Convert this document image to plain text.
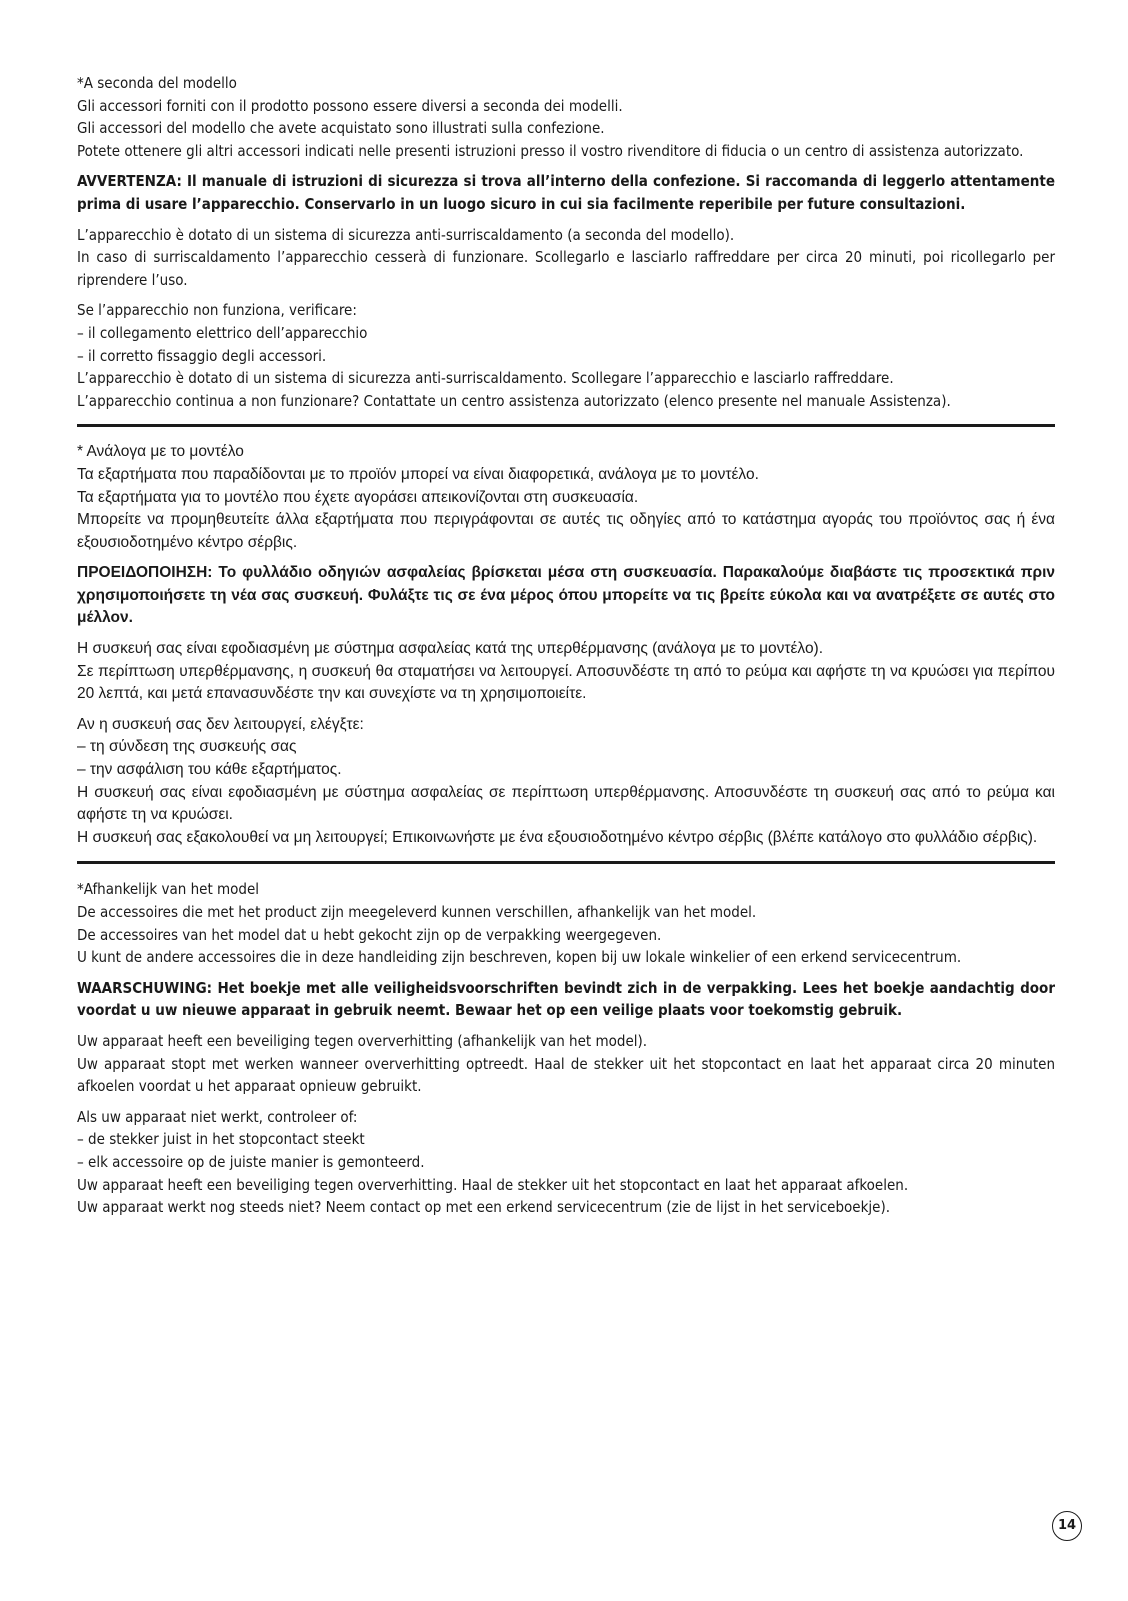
*A seconda del modello
Gli accessori forniti con il prodotto possono essere diversi a seconda dei modelli.
Gli accessori del modello che avete acquistato sono illustrati sulla confezione.
Potete ottenere gli altri accessori indicati nelle presenti istruzioni presso il vostro rivenditore di fiducia o un centro di assistenza autorizzato.
AVVERTENZA: Il manuale di istruzioni di sicurezza si trova all’interno della confezione. Si raccomanda di leggerlo attentamente prima di usare l’apparecchio. Conservarlo in un luogo sicuro in cui sia facilmente reperibile per future consultazioni.
L’apparecchio è dotato di un sistema di sicurezza anti-surriscaldamento (a seconda del modello).
In caso di surriscaldamento l’apparecchio cesserà di funzionare. Scollegarlo e lasciarlo raffreddare per circa 20 minuti, poi ricollegarlo per riprendere l’uso.
Se l’apparecchio non funziona, verificare:
– il collegamento elettrico dell’apparecchio
– il corretto fissaggio degli accessori.
L’apparecchio è dotato di un sistema di sicurezza anti-surriscaldamento. Scollegare l’apparecchio e lasciarlo raffreddare.
L’apparecchio continua a non funzionare? Contattate un centro assistenza autorizzato (elenco presente nel manuale Assistenza).
* Ανάλογα με το μοντέλο
Τα εξαρτήματα που παραδίδονται με το προϊόν μπορεί να είναι διαφορετικά, ανάλογα με το μοντέλο.
Τα εξαρτήματα για το μοντέλο που έχετε αγοράσει απεικονίζονται στη συσκευασία.
Μπορείτε να προμηθευτείτε άλλα εξαρτήματα που περιγράφονται σε αυτές τις οδηγίες από το κατάστημα αγοράς του προϊόντος σας ή ένα εξουσιοδοτημένο κέντρο σέρβις.
ΠΡΟΕΙΔΟΠΟΙΗΣΗ: Το φυλλάδιο οδηγιών ασφαλείας βρίσκεται μέσα στη συσκευασία. Παρακαλούμε διαβάστε τις προσεκτικά πριν χρησιμοποιήσετε τη νέα σας συσκευή. Φυλάξτε τις σε ένα μέρος όπου μπορείτε να τις βρείτε εύκολα και να ανατρέξετε σε αυτές στο μέλλον.
Η συσκευή σας είναι εφοδιασμένη με σύστημα ασφαλείας κατά της υπερθέρμανσης (ανάλογα με το μοντέλο).
Σε περίπτωση υπερθέρμανσης, η συσκευή θα σταματήσει να λειτουργεί. Αποσυνδέστε τη από το ρεύμα και αφήστε τη να κρυώσει για περίπου 20 λεπτά, και μετά επανασυνδέστε την και συνεχίστε να τη χρησιμοποιείτε.
Αν η συσκευή σας δεν λειτουργεί, ελέγξτε:
– τη σύνδεση της συσκευής σας
– την ασφάλιση του κάθε εξαρτήματος.
Η συσκευή σας είναι εφοδιασμένη με σύστημα ασφαλείας σε περίπτωση υπερθέρμανσης. Αποσυνδέστε τη συσκευή σας από το ρεύμα και αφήστε τη να κρυώσει.
Η συσκευή σας εξακολουθεί να μη λειτουργεί; Επικοινωνήστε με ένα εξουσιοδοτημένο κέντρο σέρβις (βλέπε κατάλογο στο φυλλάδιο σέρβις).
*Afhankelijk van het model
De accessoires die met het product zijn meegeleverd kunnen verschillen, afhankelijk van het model.
De accessoires van het model dat u hebt gekocht zijn op de verpakking weergegeven.
U kunt de andere accessoires die in deze handleiding zijn beschreven, kopen bij uw lokale winkelier of een erkend servicecentrum.
WAARSCHUWING: Het boekje met alle veiligheidsvoorschriften bevindt zich in de verpakking. Lees het boekje aandachtig door voordat u uw nieuwe apparaat in gebruik neemt. Bewaar het op een veilige plaats voor toekomstig gebruik.
Uw apparaat heeft een beveiliging tegen oververhitting (afhankelijk van het model).
Uw apparaat stopt met werken wanneer oververhitting optreedt. Haal de stekker uit het stopcontact en laat het apparaat circa 20 minuten afkoelen voordat u het apparaat opnieuw gebruikt.
Als uw apparaat niet werkt, controleer of:
– de stekker juist in het stopcontact steekt
– elk accessoire op de juiste manier is gemonteerd.
Uw apparaat heeft een beveiliging tegen oververhitting. Haal de stekker uit het stopcontact en laat het apparaat afkoelen.
Uw apparaat werkt nog steeds niet? Neem contact op met een erkend servicecentrum (zie de lijst in het serviceboekje).
14
